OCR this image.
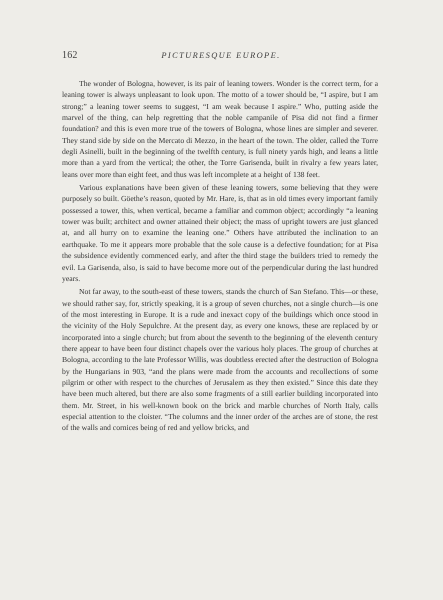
162	PICTURESQUE EUROPE.

The wonder of Bologna, however, is its pair of leaning towers. Wonder is the correct term, for a leaning tower is always unpleasant to look upon. The motto of a tower should be, “I aspire, but I am strong;” a leaning tower seems to suggest, “I am weak because I aspire.” Who, putting aside the marvel of the thing, can help regretting that the noble campanile of Pisa did not find a firmer foundation? and this is even more true of the towers of Bologna, whose lines are simpler and severer. They stand side by side on the Mercato di Mezzo, in the heart of the town. The older, called the Torre degli Asinelli, built in the beginning of the twelfth century, is full ninety yards high, and leans a little more than a yard from the vertical; the other, the Torre Garisenda, built in rivalry a few years later, leans over more than eight feet, and thus was left incomplete at a height of 138 feet.

Various explanations have been given of these leaning towers, some believing that they were purposely so built. Göethe’s reason, quoted by Mr. Hare, is, that as in old times every important family possessed a tower, this, when vertical, became a familiar and common object; accordingly “a leaning tower was built; architect and owner attained their object; the mass of upright towers are just glanced at, and all hurry on to examine the leaning one.” Others have attributed the inclination to an earthquake. To me it appears more probable that the sole cause is a defective foundation; for at Pisa the subsidence evidently commenced early, and after the third stage the builders tried to remedy the evil. La Garisenda, also, is said to have become more out of the perpendicular during the last hundred years.

Not far away, to the south-east of these towers, stands the church of San Stefano. This—or these, we should rather say, for, strictly speaking, it is a group of seven churches, not a single church—is one of the most interesting in Europe. It is a rude and inexact copy of the buildings which once stood in the vicinity of the Holy Sepulchre. At the present day, as every one knows, these are replaced by or incorporated into a single church; but from about the seventh to the beginning of the eleventh century there appear to have been four distinct chapels over the various holy places. The group of churches at Bologna, according to the late Professor Willis, was doubtless erected after the destruction of Bologna by the Hungarians in 903, “and the plans were made from the accounts and recollections of some pilgrim or other with respect to the churches of Jerusalem as they then existed.” Since this date they have been much altered, but there are also some fragments of a still earlier building incorporated into them. Mr. Street, in his well-known book on the brick and marble churches of North Italy, calls especial attention to the cloister. “The columns and the inner order of the arches are of stone, the rest of the walls and cornices being of red and yellow bricks, and
